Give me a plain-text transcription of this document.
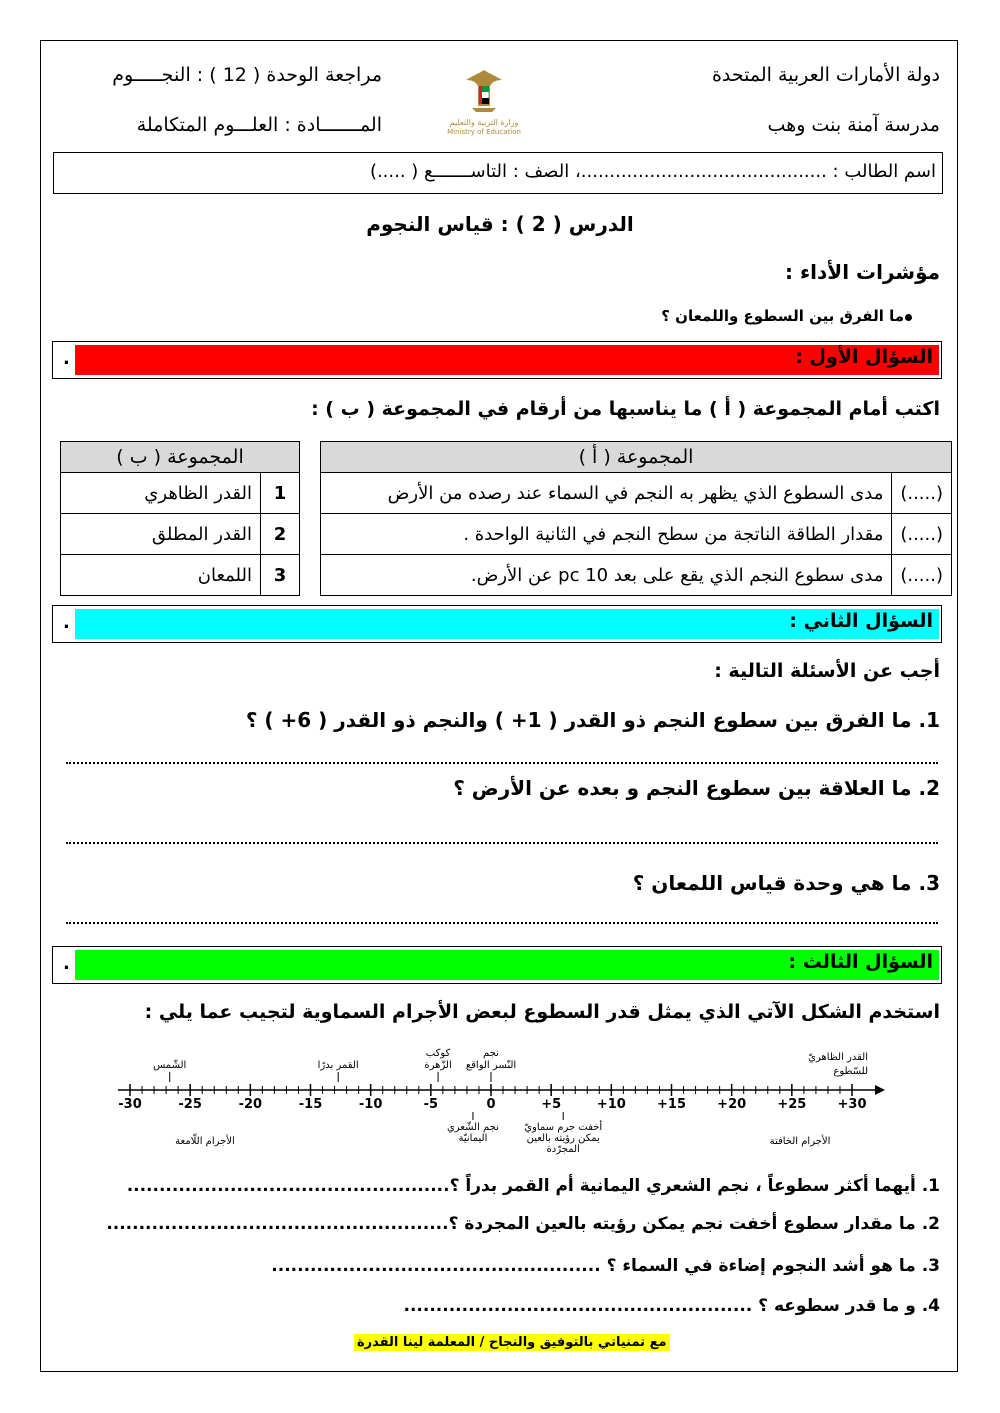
دولة الأمارات العربية المتحدة
مدرسة آمنة بنت وهب
مراجعة الوحدة ( 12 ) : النجـــــوم
المـــــــادة : العلـــوم المتكاملة	وزارة التربية والتعليم
Ministry of Education
اسم الطالب : ...........................................، الصف : التاســـــــع ( .....)
الدرس ( 2 ) : قياس النجوم
مؤشرات الأداء :
ما الفرق بين السطوع واللمعان ؟
السؤال الأول :
.
اكتب أمام المجموعة ( أ ) ما يناسبها من أرقام في المجموعة ( ب ) :
المجموعة ( أ )	
(.....)	مدى السطوع الذي يظهر به النجم في السماء عند رصده من الأرض
(.....)	مقدار الطاقة الناتجة من سطح النجم في الثانية الواحدة .
(.....)	مدى سطوع النجم الذي يقع على بعد 10 pc عن الأرض.
المجموعة ( ب )	
1	القدر الظاهري
2	القدر المطلق
3	اللمعان
السؤال الثاني :
.
أجب عن الأسئلة التالية :
1. ما الفرق بين سطوع النجم ذو القدر ( 1+ ) والنجم ذو القدر ( 6+ ) ؟
2. ما العلاقة بين سطوع النجم و بعده عن الأرض ؟
3. ما هي وحدة قياس اللمعان ؟
السؤال الثالث :
.
استخدم الشكل الآتي الذي يمثل قدر السطوع لبعض الأجرام السماوية لتجيب عما يلي :
-30	-25	-20	-15	-10	-5	0	+5	+10 +15 +20 +25 +30
الشّمس	القمر بدرًا
كوكب
الزّهرة
نجم
النّسر الواقع
نجم الشّعري
اليمانيّة
أخفت جرم سماويّ
يمكن رؤيته بالعين
المجرّدة
القدر الظاهريّ
للسّطوع
الأجرام اللّامعة	الأجرام الخافتة
1. أيهما أكثر سطوعاً ، نجم الشعري اليمانية أم القمر بدراً ؟..................................................
2. ما مقدار سطوع أخفت نجم يمكن رؤيته بالعين المجردة ؟.....................................................
3. ما هو أشد النجوم إضاءة في السماء ؟ ...................................................
4. و ما قدر سطوعه ؟ ......................................................
مع تمنياتي بالتوفيق والنجاح / المعلمة لينا القدرة
